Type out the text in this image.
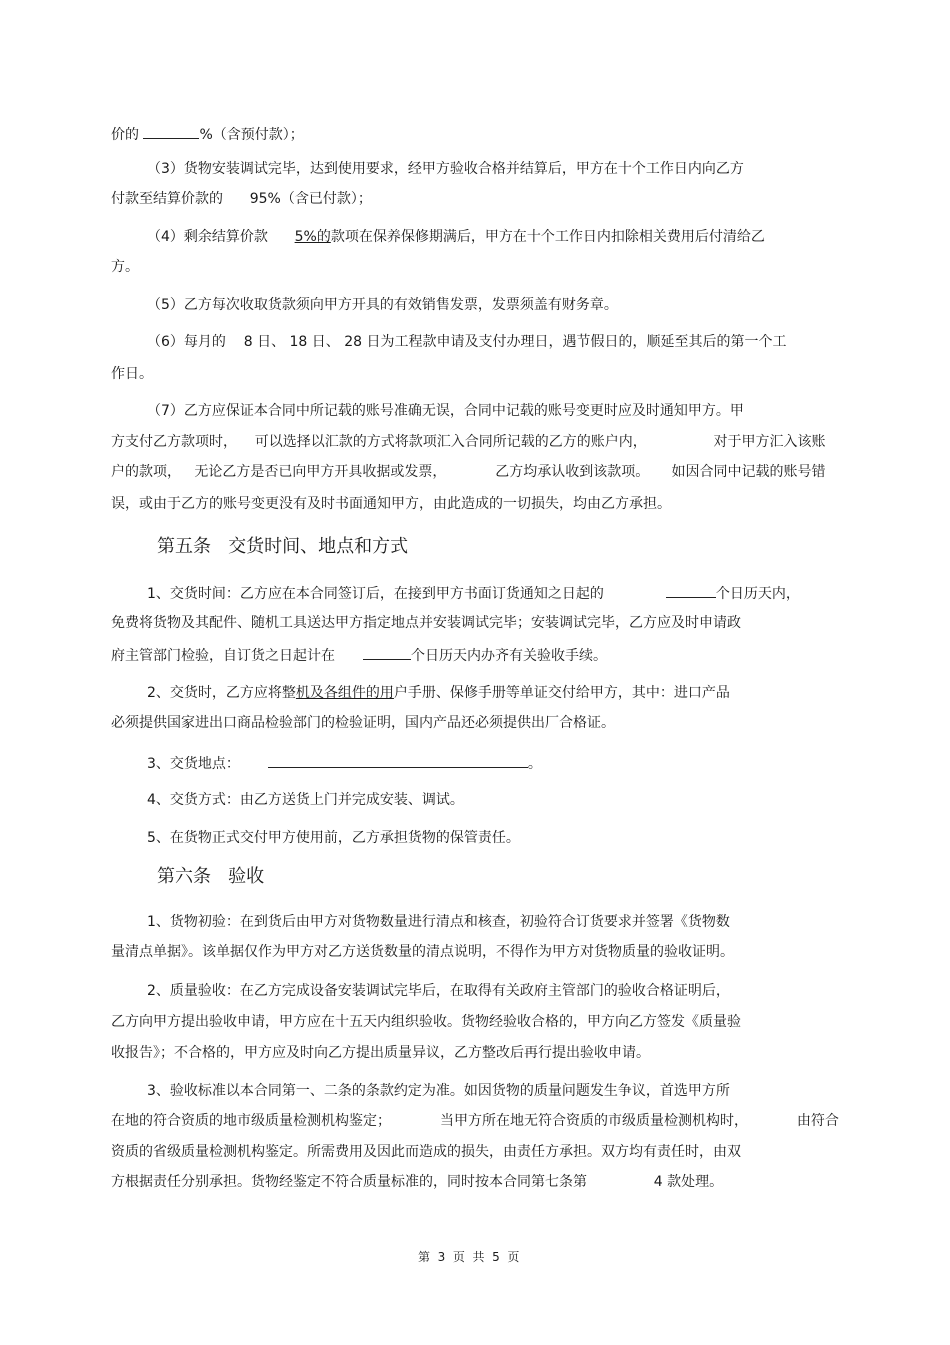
价的	%（含预付款）；
（3）货物安装调试完毕，达到使用要求，经甲方验收合格并结算后，甲方在十个工作日内向乙方
付款至结算价款的      95%（含已付款）；
（4）剩余结算价款      5%的款项在保养保修期满后，甲方在十个工作日内扣除相关费用后付清给乙
方。
（5）乙方每次收取货款须向甲方开具的有效销售发票，发票须盖有财务章。
（6）每月的    8 日、 18 日、 28 日为工程款申请及支付办理日，遇节假日的，顺延至其后的第一个工
作日。
（7）乙方应保证本合同中所记载的账号准确无误，合同中记载的账号变更时应及时通知甲方。甲
方支付乙方款项时，    可以选择以汇款的方式将款项汇入合同所记载的乙方的账户内，               对于甲方汇入该账
户的款项，   无论乙方是否已向甲方开具收据或发票，           乙方均承认收到该款项。     如因合同中记载的账号错
误，或由于乙方的账号变更没有及时书面通知甲方，由此造成的一切损失，均由乙方承担。
第五条   交货时间、地点和方式
1、交货时间：乙方应在本合同签订后，在接到甲方书面订货通知之日起的	个日历天内，
免费将货物及其配件、随机工具送达甲方指定地点并安装调试完毕；安装调试完毕，乙方应及时申请政
府主管部门检验，自订货之日起计在	个日历天内办齐有关验收手续。
2、交货时，乙方应将整机及各组件的用户手册、保修手册等单证交付给甲方，其中：进口产品
必须提供国家进出口商品检验部门的检验证明，国内产品还必须提供出厂合格证。
3、交货地点：	。
4、交货方式：由乙方送货上门并完成安装、调试。
5、在货物正式交付甲方使用前，乙方承担货物的保管责任。
第六条   验收
1、货物初验：在到货后由甲方对货物数量进行清点和核查，初验符合订货要求并签署《货物数
量清点单据》。该单据仅作为甲方对乙方送货数量的清点说明，不得作为甲方对货物质量的验收证明。
2、质量验收：在乙方完成设备安装调试完毕后，在取得有关政府主管部门的验收合格证明后，
乙方向甲方提出验收申请，甲方应在十五天内组织验收。货物经验收合格的，甲方向乙方签发《质量验
收报告》；不合格的，甲方应及时向乙方提出质量异议，乙方整改后再行提出验收申请。
3、验收标准以本合同第一、二条的条款约定为准。如因货物的质量问题发生争议，首选甲方所
在地的符合资质的地市级质量检测机构鉴定；           当甲方所在地无符合资质的市级质量检测机构时，           由符合
资质的省级质量检测机构鉴定。所需费用及因此而造成的损失，由责任方承担。双方均有责任时，由双
方根据责任分别承担。货物经鉴定不符合质量标准的，同时按本合同第七条第               4 款处理。
第  3  页  共  5  页
